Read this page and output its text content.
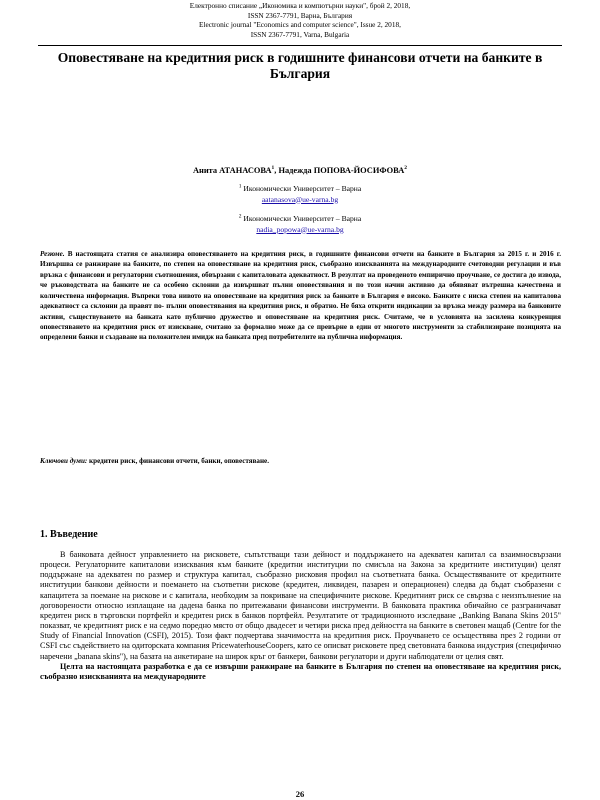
Електронно списание „Икономика и компютърни науки", брой 2, 2018,
ISSN 2367-7791, Варна, България
Electronic journal "Economics and computer science", Issue 2, 2018,
ISSN 2367-7791, Varna, Bulgaria
Оповестяване на кредитния риск в годишните финансови отчети на банките в България
Анита АТАНАСОВА$^1$, Надежда ПОПОВА-ЙОСИФОВА$^2$
$^1$ Икономически Университет – Варна
aatanasova@ue-varna.bg
$^2$ Икономически Университет – Варна
nadia_popowa@ue-varna.bg
Резюме. В настоящата статия се анализира оповестяването на кредитния риск, в годишните финансови отчети на банките в България за 2015 г. и 2016 г. Извършва се ранжиране на банките, по степен на оповестяване на кредитния риск, съобразно изискванията на международните счетоводни регулации и във връзка с финансови и регулаторни съотношения, обвързани с капиталовата адекватност. В резултат на проведеното емпирично проучване, се достига до извода, че ръководствата на банките не са особено склонни да извършват пълни оповестявания и по този начин активно да обявяват вътрешна качествена и количествена информация. Въпреки това нивото на оповестяване на кредитния риск за банките в България е високо. Банките с ниска степен на капиталова адекватност са склонни да правят по- пълни оповестявания на кредитния риск, и обратно. Не бяха открити индикации за връзка между размера на банковите активи, съществуването на банката като публично дружество и оповестяване на кредитния риск. Считаме, че в условията на засилена конкуренция оповестяването на кредитния риск от изискване, считано за формално може да се превърне в един от многото инструменти за стабилизиране позицията на определени банки и създаване на положителен имидж на банката пред потребителите на публична информация.
Ключови думи: кредитен риск, финансови отчети, банки, оповестяване.
1. Въведение

В банковата дейност управлението на рисковете, съпътстващи тази дейност и поддържането на адекватен капитал са взаимносвързани процеси. Регулаторните капиталови изисквания към банките (кредитни институции по смисъла на Закона за кредитните институции) целят поддържане на адекватен по размер и структура капитал, съобразно рисковия профил на съответната банка. Осъществяваните от кредитните институции банкови дейности и поемането на съответни рискове (кредитен, ликвиден, пазарен и операционен) следва да бъдат съобразени с капацитета за поемане на рискове и с капитала, необходим за покриване на специфичните рискове. Кредитният риск се свързва с неизпълнение на договорености относно изплащане на дадена банка по притежавани финансови инструменти. В банковата практика обичайно се разграничават кредитен риск в търговски портфейл и кредитен риск в банков портфейл. Резултатите от традиционното изследване „Banking Banana Skins 2015" показват, че кредитният риск е на седмо поредно място от общо двадесет и четири риска пред дейността на банките в световен мащаб (Centre for the Study of Financial Innovation (CSFI), 2015). Този факт подчертава значимостта на кредитния риск. Проучването се осъществява през 2 години от CSFI със съдействието на одиторската компания PricewaterhouseCoopers, като се описват рисковете пред световната банкова индустрия (специфично наречени „banana skins"), на базата на анкетиране на широк кръг от банкери, банкови регулатори и други наблюдатели от целия свят.

Целта на настоящата разработка е да се извърши ранжиране на банките в България по степен на оповестяване на кредитния риск, съобразно изискванията на международните

26
